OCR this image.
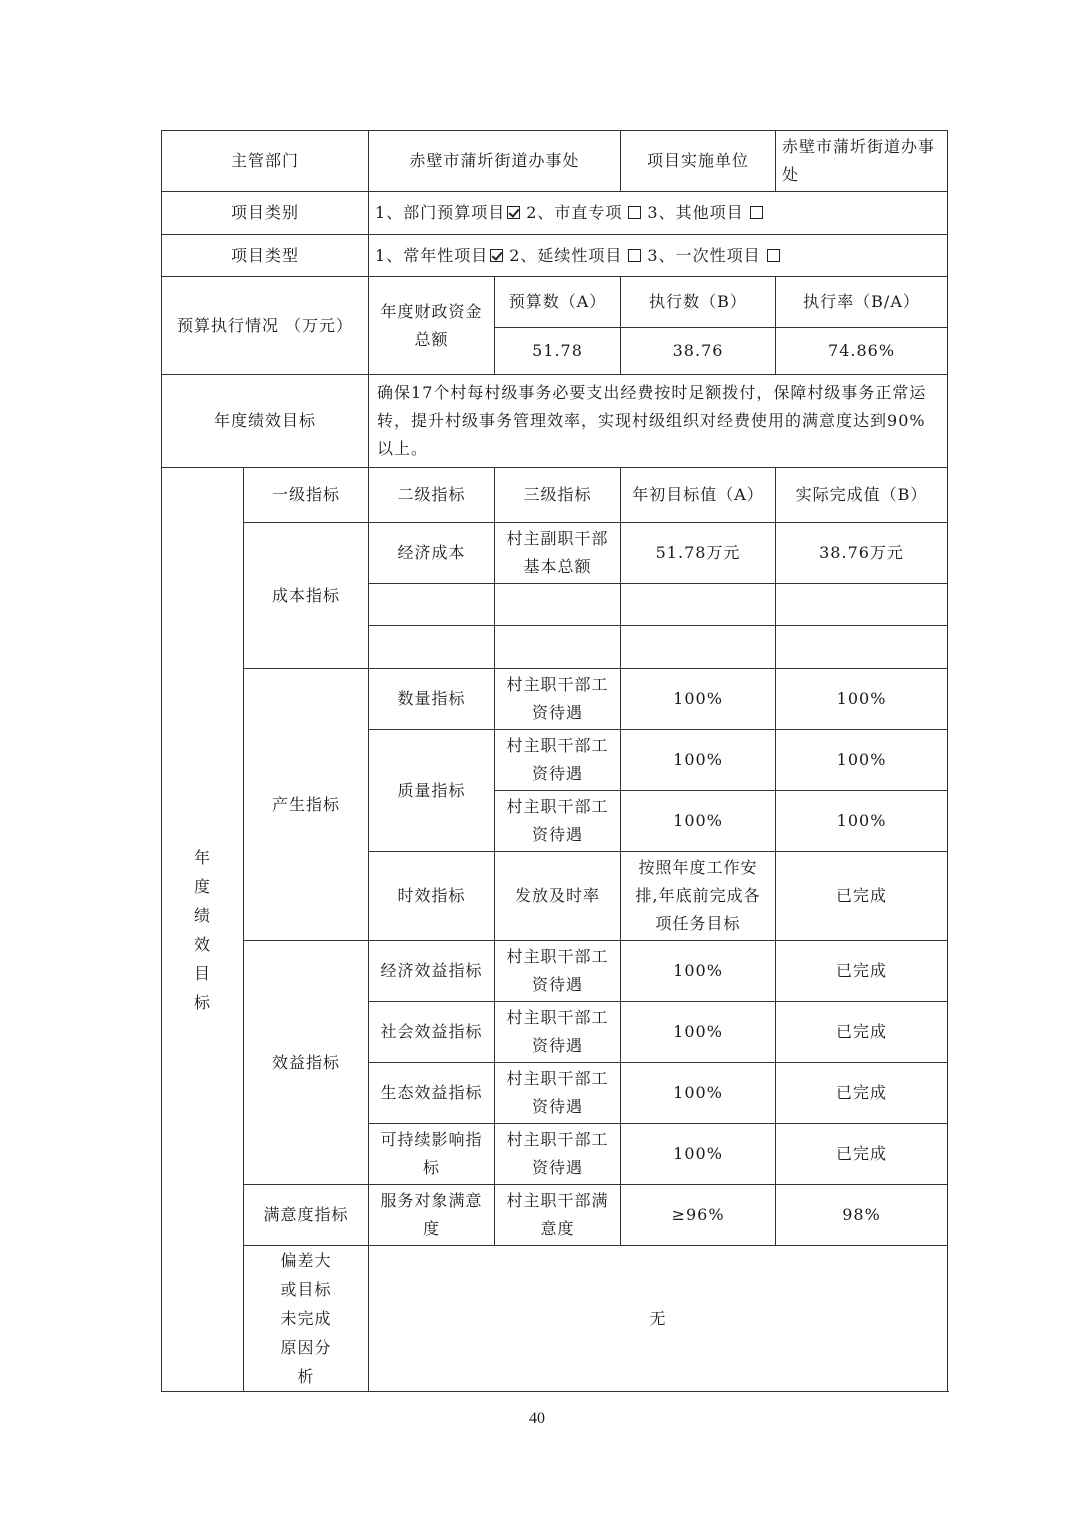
主管部门		赤壁市蒲圻街道办事处		项目实施单位	赤壁市蒲圻街道办事处
项目类别		1、部门预算项目 2、市直专项 3、其他项目			
项目类型		1、常年性项目 2、延续性项目 3、一次性项目			
预算执行情况 （万元）		年度财政资金总额	预算数（A）	执行数（B）	执行率（B/A）
			51.78	38.76	74.86%
年度绩效目标		确保17个村每村级事务必要支出经费按时足额拨付，保障村级事务正常运转，提升村级事务管理效率，实现村级组织对经费使用的满意度达到90%以上。			
年度绩效目标	一级指标	二级指标	三级指标	年初目标值（A）	实际完成值（B）
	成本指标	经济成本	村主副职干部基本总额	51.78万元	38.76万元

	产生指标	数量指标	村主职干部工资待遇	100%	100%
		质量指标	村主职干部工资待遇	100%	100%
			村主职干部工资待遇	100%	100%
		时效指标	发放及时率	按照年度工作安排,年底前完成各项任务目标	已完成
	效益指标	经济效益指标	村主职干部工资待遇	100%	已完成
		社会效益指标	村主职干部工资待遇	100%	已完成
		生态效益指标	村主职干部工资待遇	100%	已完成
		可持续影响指标	村主职干部工资待遇	100%	已完成
	满意度指标	服务对象满意度	村主职干部满意度	≥96%	98%
	偏差大或目标未完成原因分析	无			
40
